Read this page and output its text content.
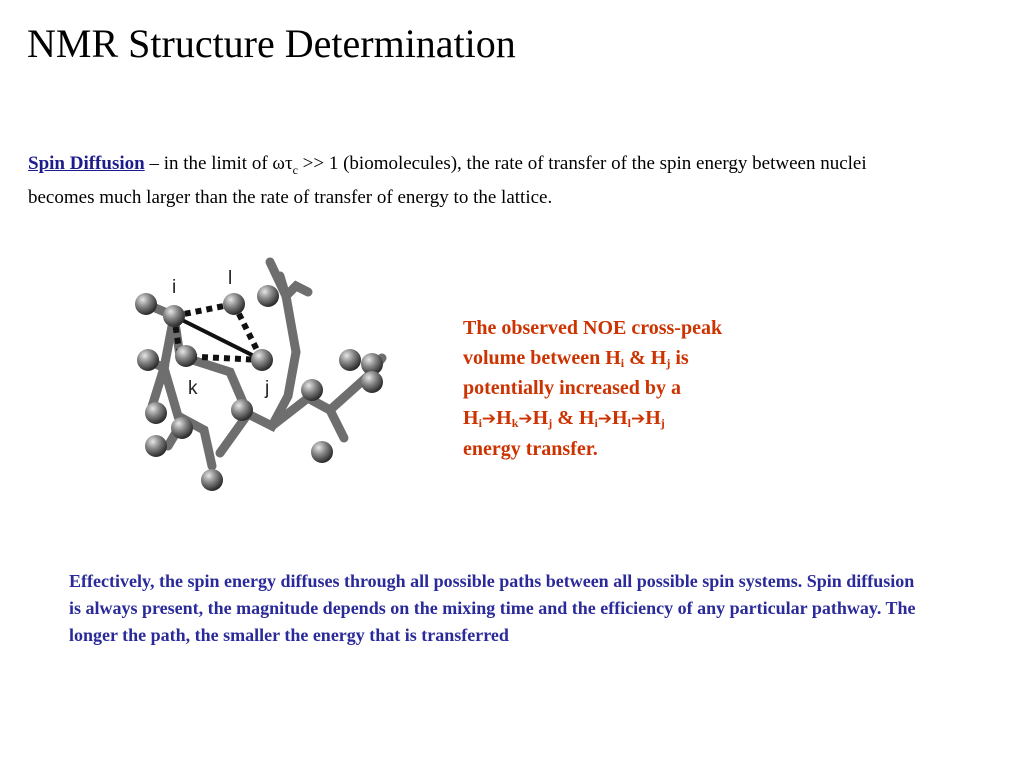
NMR Structure Determination
Spin Diffusion – in the limit of $\omega\tau_c >> 1$ (biomolecules), the rate of transfer of the spin energy between nuclei becomes much larger than the rate of transfer of energy to the lattice.
i	l
k	j
The observed NOE cross-peak
volume between $H_i$ & $H_j$ is
potentially increased by a
$H_i➔H_k➔H_j$ & $H_i➔H_l➔H_j$
energy transfer.
Effectively, the spin energy diffuses through all possible paths between all possible spin systems. Spin diffusion is always present, the magnitude depends on the mixing time and the efficiency of any particular pathway. The longer the path, the smaller the energy that is transferred
